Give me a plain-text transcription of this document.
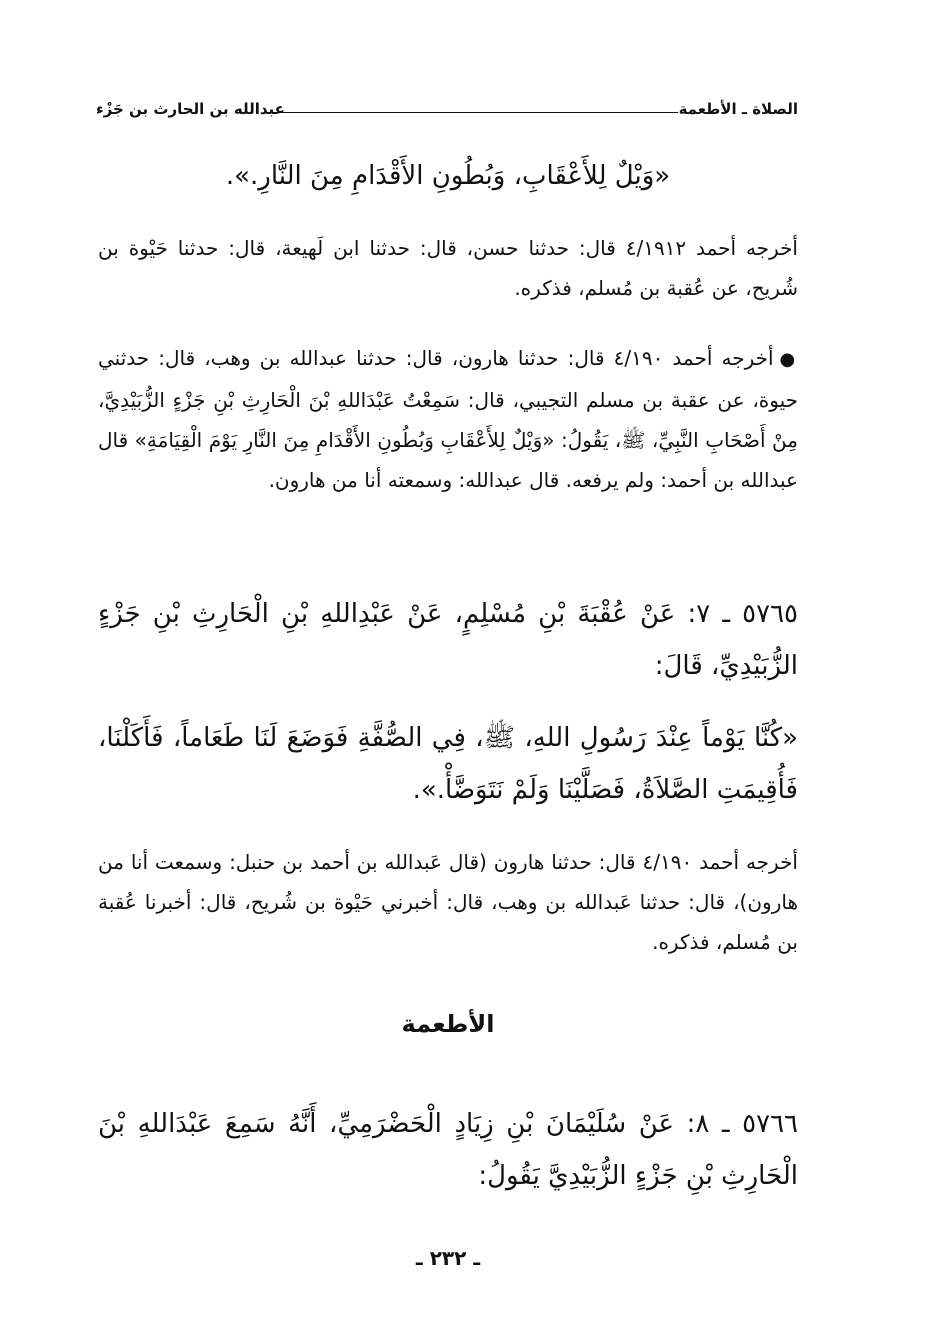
الصلاة ـ الأطعمة
عبدالله بن الحارث بن جَزْء
«وَيْلٌ لِلأَعْقَابِ، وَبُطُونِ الأَقْدَامِ مِنَ النَّارِ.».
أخرجه أحمد ٤/١٩١٢ قال: حدثنا حسن، قال: حدثنا ابن لَهيعة، قال: حدثنا حَيْوة بن شُريح، عن عُقبة بن مُسلم، فذكره.
● أخرجه أحمد ٤/١٩٠ قال: حدثنا هارون، قال: حدثنا عبدالله بن وهب، قال: حدثني حيوة، عن عقبة بن مسلم التجيبي، قال: سَمِعْتُ عَبْدَاللهِ بْنَ الْحَارِثِ بْنِ جَزْءٍ الزُّبَيْدِيَّ، مِنْ أَصْحَابِ النَّبِيِّ، ﷺ، يَقُولُ: «وَيْلٌ لِلأَعْقَابِ وَبُطُونِ الأَقْدَامِ مِنَ النَّارِ يَوْمَ الْقِيَامَةِ» قال عبدالله بن أحمد: ولم يرفعه. قال عبدالله: وسمعته أنا من هارون.
٥٧٦٥ ـ ٧: عَنْ عُقْبَةَ بْنِ مُسْلِمٍ، عَنْ عَبْدِاللهِ بْنِ الْحَارِثِ بْنِ جَزْءٍ الزُّبَيْدِيِّ، قَالَ:
«كُنَّا يَوْماً عِنْدَ رَسُولِ اللهِ، ﷺ، فِي الصُّفَّةِ فَوَضَعَ لَنَا طَعَاماً، فَأَكَلْنَا، فَأُقِيمَتِ الصَّلاَةُ، فَصَلَّيْنَا وَلَمْ نَتَوَضَّأْ.».
أخرجه أحمد ٤/١٩٠ قال: حدثنا هارون (قال عَبدالله بن أحمد بن حنبل: وسمعت أنا من هارون)، قال: حدثنا عَبدالله بن وهب، قال: أخبرني حَيْوة بن شُريح، قال: أخبرنا عُقبة بن مُسلم، فذكره.
الأطعمة
٥٧٦٦ ـ ٨: عَنْ سُلَيْمَانَ بْنِ زِيَادٍ الْحَضْرَمِيِّ، أَنَّهُ سَمِعَ عَبْدَاللهِ بْنَ الْحَارِثِ بْنِ جَزْءٍ الزُّبَيْدِيَّ يَقُولُ:
ـ ٢٣٢ ـ
